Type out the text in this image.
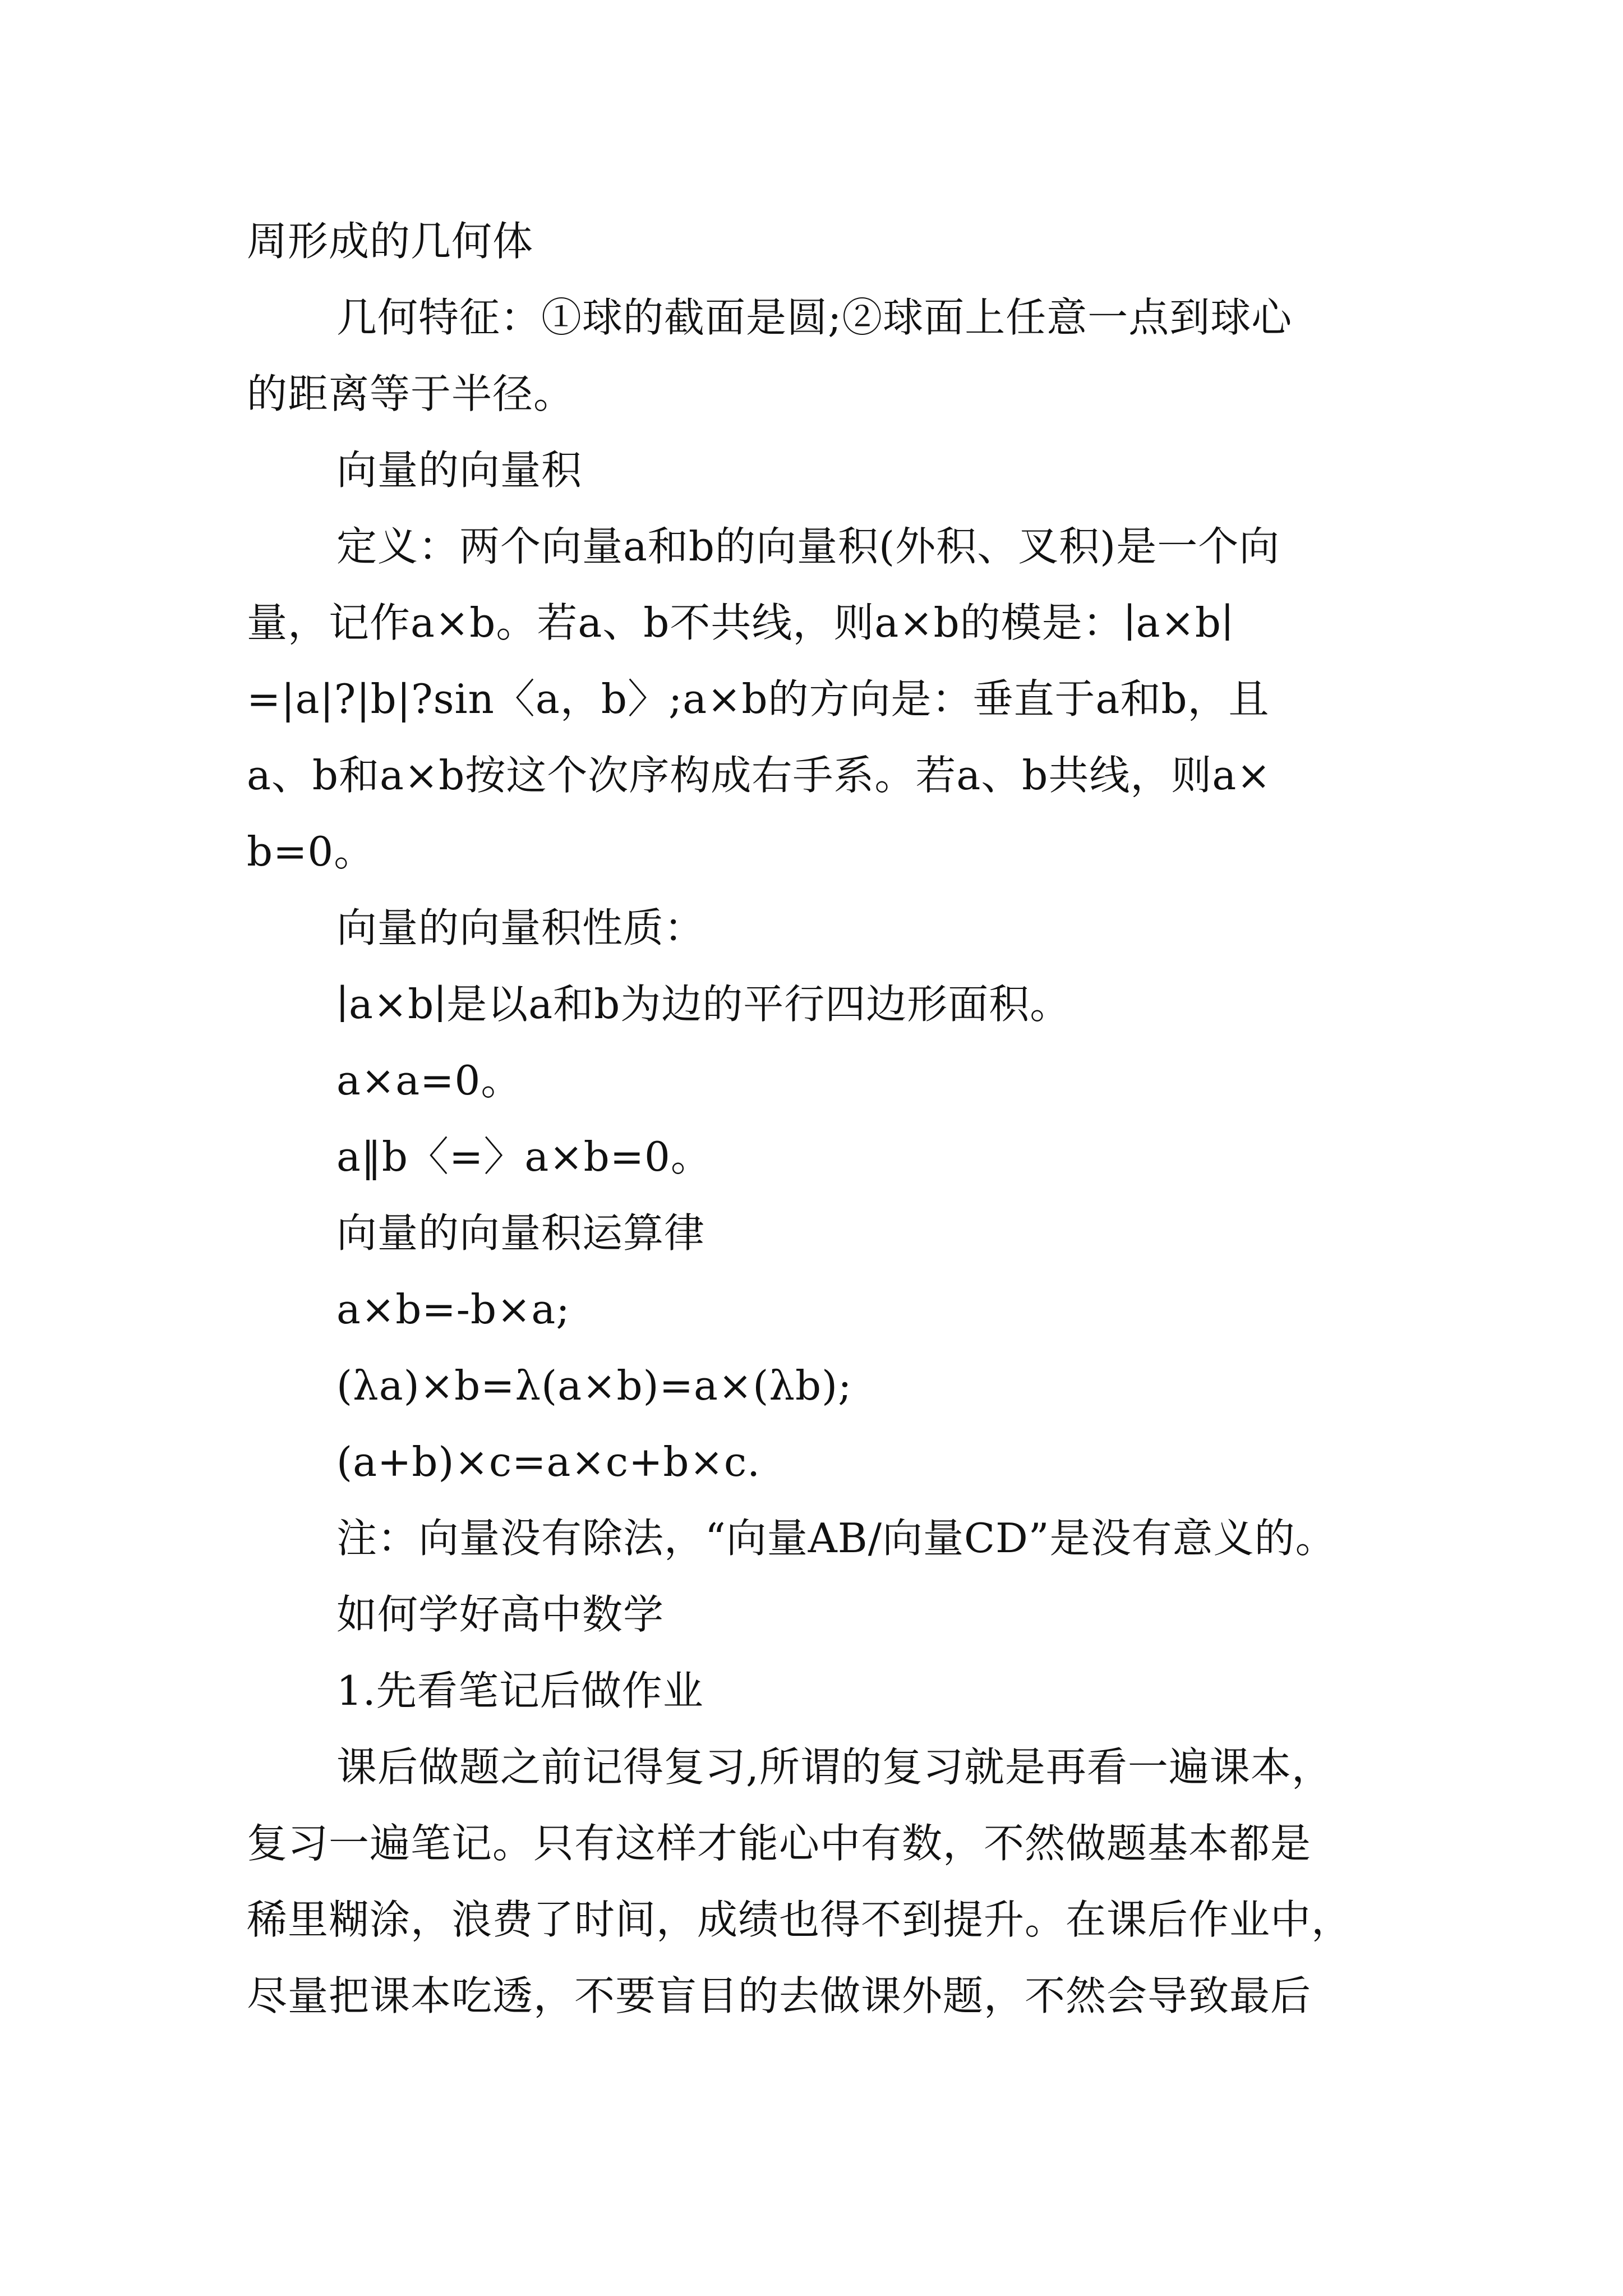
周形成的几何体
几何特征：①球的截面是圆;②球面上任意一点到球心
的距离等于半径。
向量的向量积
定义：两个向量a和b的向量积(外积、叉积)是一个向
量，记作a×b。若a、b不共线，则a×b的模是：∣a×b∣
=|a|?|b|?sin〈a，b〉;a×b的方向是：垂直于a和b，且
a、b和a×b按这个次序构成右手系。若a、b共线，则a×
b=0。
向量的向量积性质：
∣a×b∣是以a和b为边的平行四边形面积。
a×a=0。
a‖b〈=〉a×b=0。
向量的向量积运算律
a×b=-b×a;
(λa)×b=λ(a×b)=a×(λb);
(a+b)×c=a×c+b×c.
注：向量没有除法，“向量AB/向量CD”是没有意义的。
如何学好高中数学
1.先看笔记后做作业
课后做题之前记得复习,所谓的复习就是再看一遍课本，
复习一遍笔记。只有这样才能心中有数，不然做题基本都是
稀里糊涂，浪费了时间，成绩也得不到提升。在课后作业中，
尽量把课本吃透，不要盲目的去做课外题，不然会导致最后
